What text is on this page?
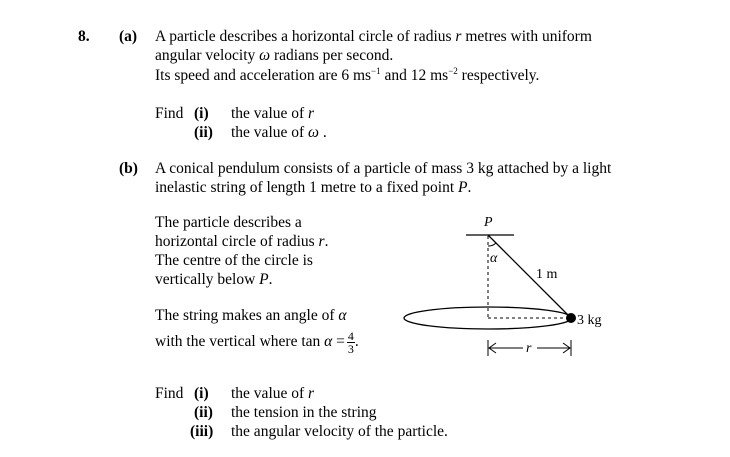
8. (a) A particle describes a horizontal circle of radius r metres with uniform
angular velocity ω radians per second.
Its speed and acceleration are 6 $ms^{-1}$ and 12 $ms^{-2}$ respectively.
Find (i) the value of r
(ii) the value of ω .
(b) A conical pendulum consists of a particle of mass 3 kg attached by a light
inelastic string of length 1 metre to a fixed point P.
The particle describes a
horizontal circle of radius r.
The centre of the circle is
vertically below P.
The string makes an angle of α
with the vertical where $\tan \alpha = \frac{4}{3}$ .
Find (i) the value of r
(ii) the tension in the string
(iii) the angular velocity of the particle.
P
α
1 m
3 kg
r
